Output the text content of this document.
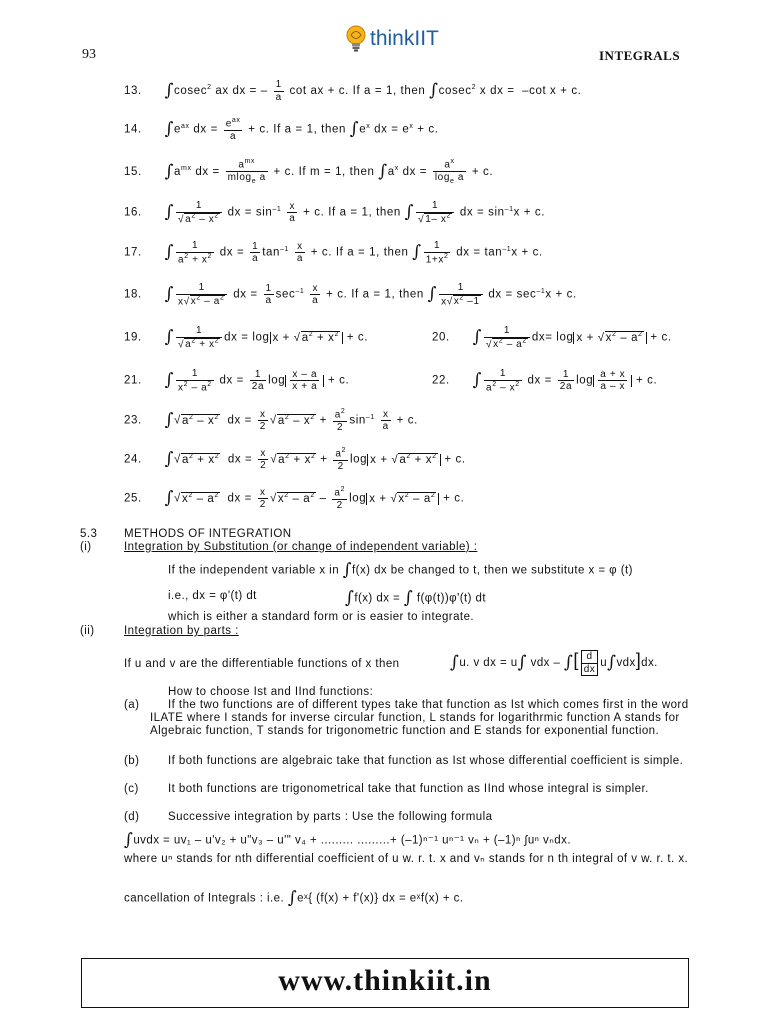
93
thinkIIT
INTEGRALS
13. ∫cosec$^2$ ax dx = – $\frac{1}{a}$ cot ax + c. If a = 1, then ∫cosec$^2$ x dx =  –cot x + c.
14. $\int e^{ax}$ dx = $\frac{e^{ax}}{a} + c$. If a = 1, then $\int e^x$ dx = $e^x + c$.
15. $\int a^{mx}$ dx = $\frac{a^{mx}}{mlog_e a} + c$. If m = 1, then $\int a^x$ dx = $\frac{a^x}{\log_e a} + c$.
16. ∫ $\frac{1}{√a^2 - x^2}$ dx = $\sin^{-1} \frac{x}{a} + c$. If a = 1, then ∫ $\frac{1}{√1- x^2}$ dx = $\sin^{-1}x + c$.
17. ∫ $\frac{1}{a^2 + x^2}$ dx = $\frac{1}{a} \tan^{-1} \frac{x}{a} + c$. If a = 1, then ∫ $\frac{1}{1+x^2}$ dx = $\tan^{-1}x + c$.
18. ∫ $\frac{1}{x√x^2 - a^2}$ dx = $\frac{1}{a} \sec^{-1} \frac{x}{a} + c$. If a = 1, then ∫ $\frac{1}{x√x^2 -1}$ dx = $\sec^{-1}x + c$.
19. ∫ $\frac{1}{√a^2 + x^2}$ dx = $\log x + √a^2 + x^2 + c$.	20. ∫ $\frac{1}{√x^2 - a^2} dx= \log x + √x^2 - a^2 + c$.
21. ∫ $\frac{1}{x^2 - a^2}$ dx = $\frac{1}{2a}$ $\log \frac{x - a}{x + a} + c$.	22. ∫ $\frac{1}{a^2 - x^2}$ dx = $\frac{1}{2a}$ $\log \frac{a + x}{a - x} + c$.
23. $\int√a^2 - x^2$  dx = $\frac{x}{2} √a^2 - x^2 + \frac{a^2}{2} \sin^{-1} \frac{x}{a} + c$.
24. $\int√a^2 + x^2$  dx = $\frac{x}{2} √a^2 + x^2 + \frac{a^2}{2}$ $\log x + √a^2 + x^2 + c$.
25. $\int√x^2 - a^2$  dx = $\frac{x}{2} √x^2 - a^2 - \frac{a^2}{2}$ $\log x + √x^2 - a^2 + c$.
5.3 METHODS OF INTEGRATION
(i)	Integration by Substitution (or change of independent variable) :
If the independent variable x in ∫f(x) dx be changed to t, then we substitute x = φ (t)
i.e., dx = φ'(t) dt	∫f(x) dx = ∫ f(φ(t))φ'(t) dt
which is either a standard form or is easier to integrate.
(ii)	Integration by parts :
If u and v are the differentiable functions of x then	∫u. v dx = u∫ vdx – ∫[ $\frac{d}{dx} u\int vdx]dx$.
How to choose Ist and IInd functions:
(a)	If the two functions are of different types take that function as Ist which comes first in the word ILATE where I stands for inverse circular function, L stands for logarithrmic function A stands for Algebraic function, T stands for trigonometric function and E stands for exponential function.
(b)	If both functions are algebraic take that function as Ist whose differential coefficient is simple.
(c)	It both functions are trigonometrical take that function as IInd whose integral is simpler.
(d) Successive integration by parts : Use the following formula
∫uvdx = uv₁ – u'v₂ + u"v₃ – u'" v₄ + ......... .........+ (–1)ⁿ⁻¹ uⁿ⁻¹ vₙ + (–1)ⁿ ∫uⁿ vₙdx.
where uⁿ stands for nth differential coefficient of u w. r. t. x and vₙ stands for n th integral of v w. r. t. x.
cancellation of Integrals : i.e. ∫eˣ{ (f(x) + f'(x)} dx = eˣf(x) + c.
www.thinkiit.in
